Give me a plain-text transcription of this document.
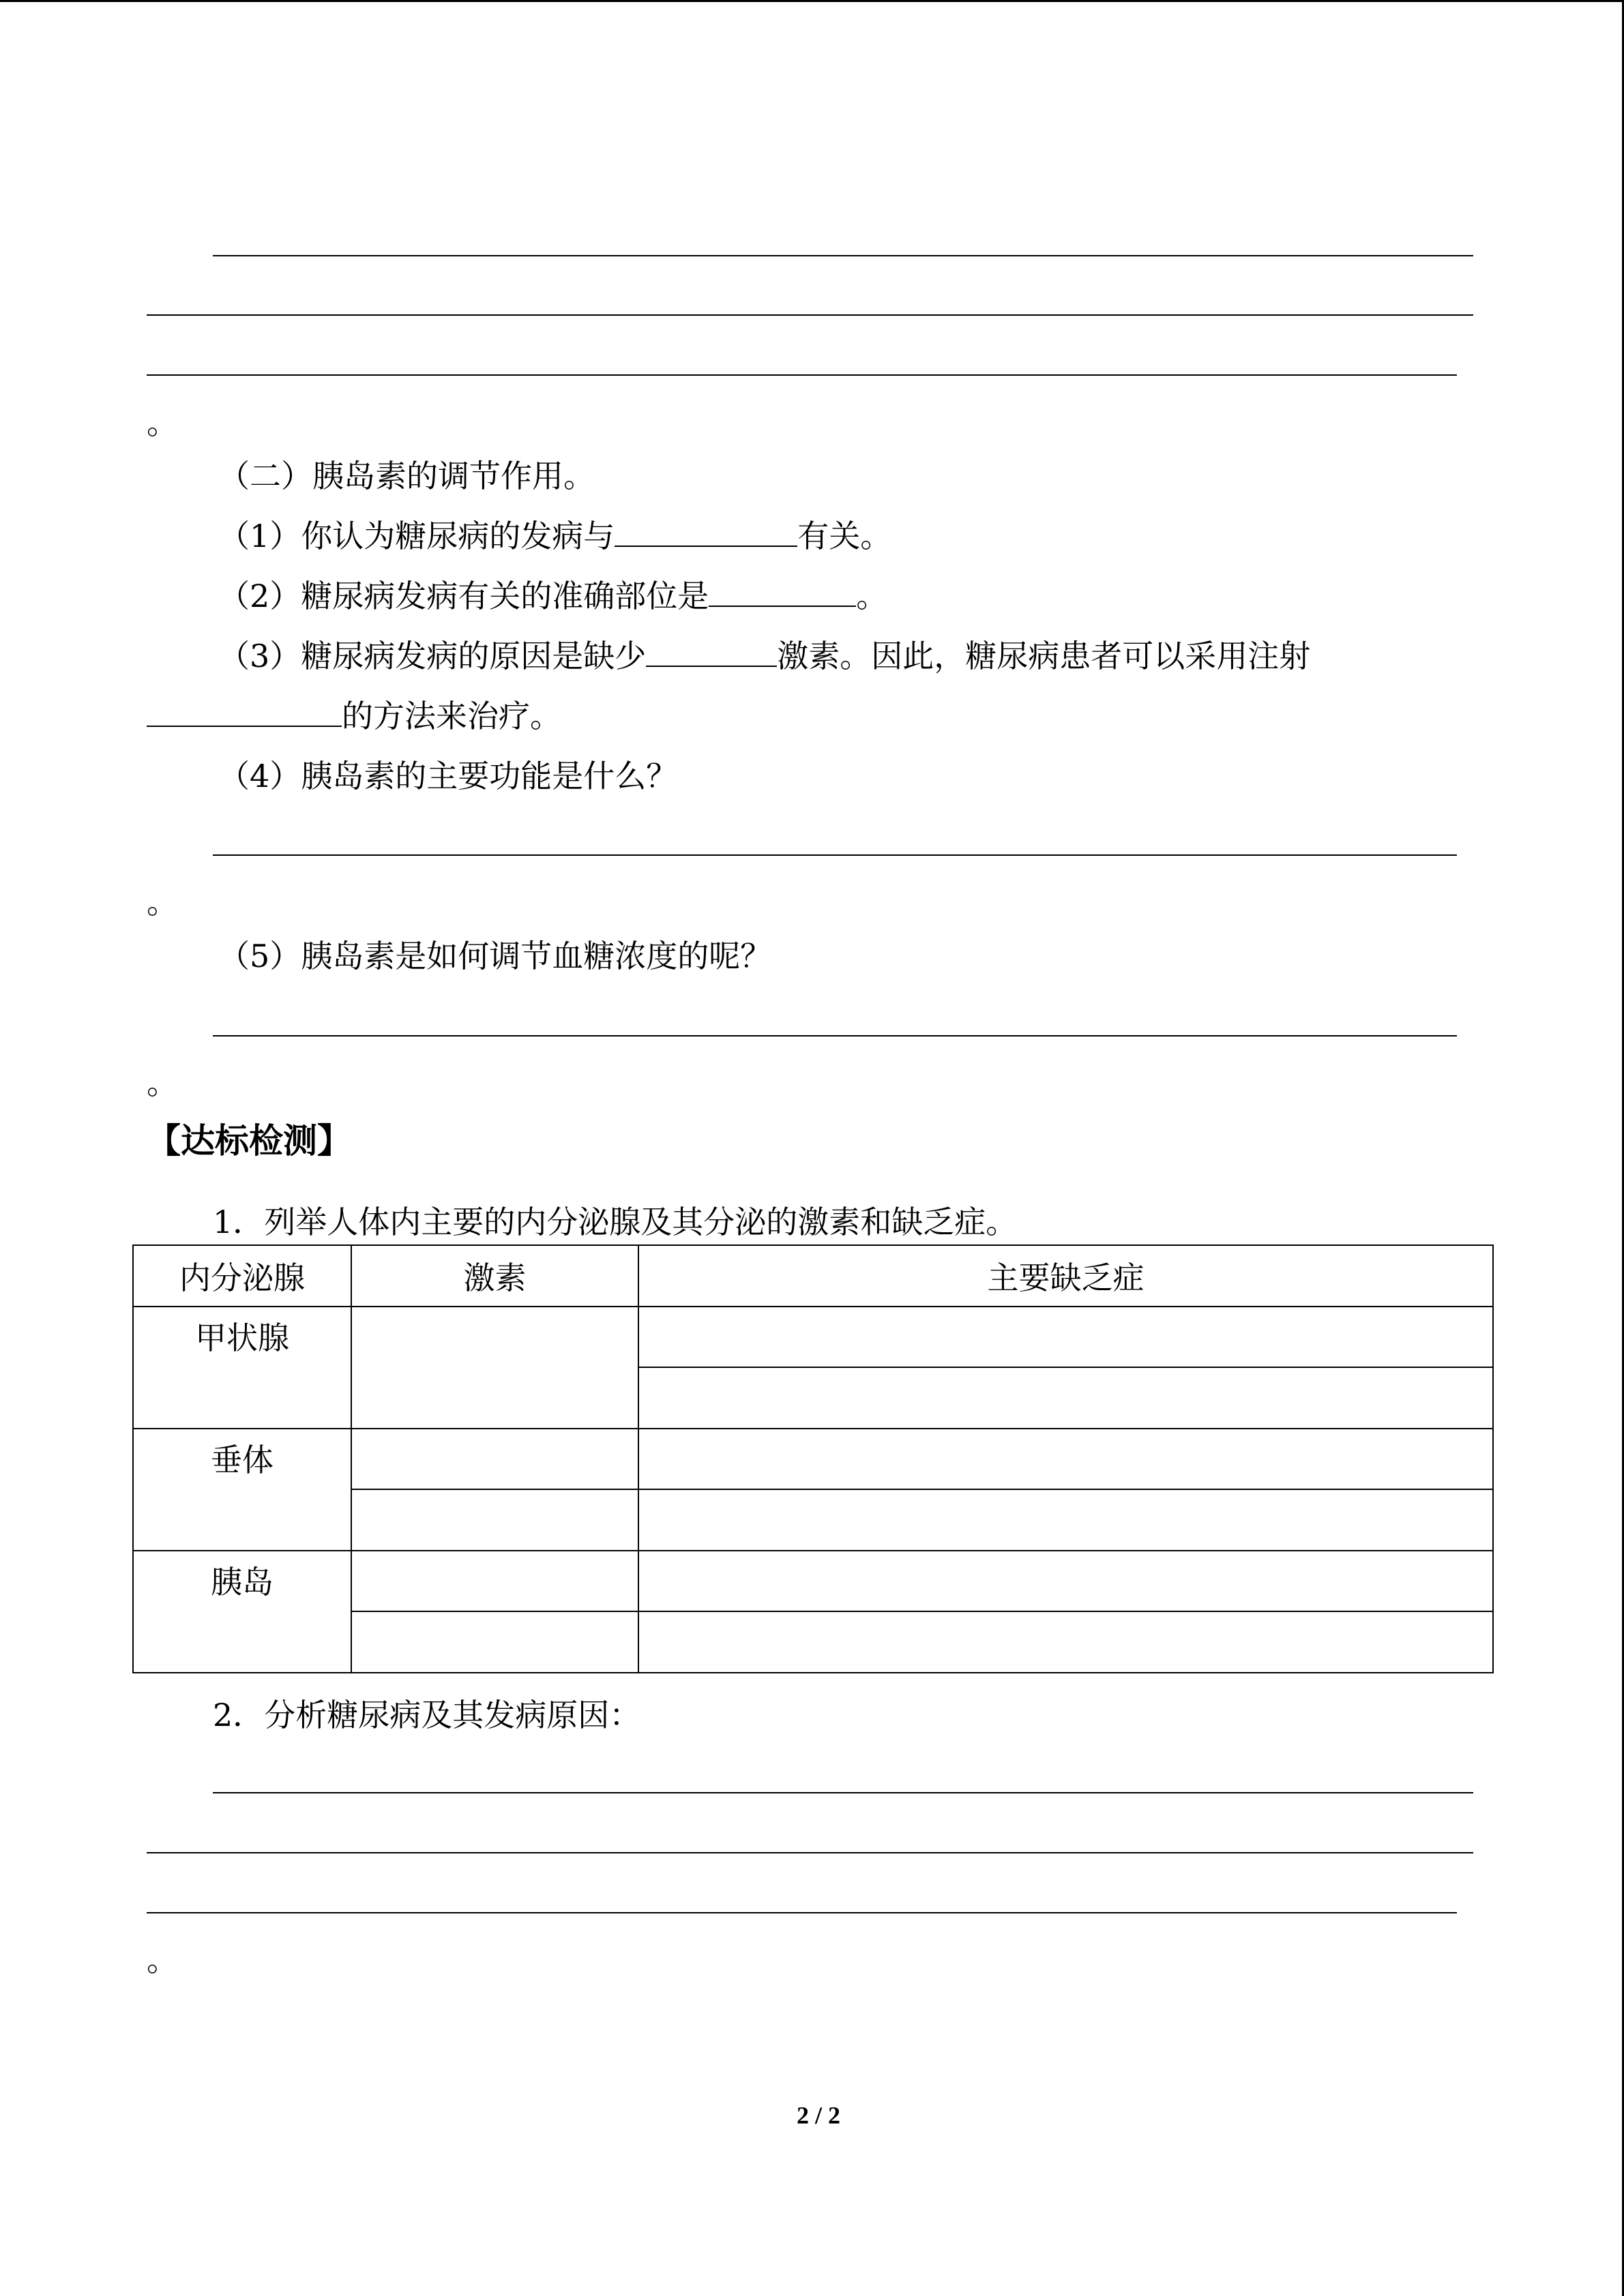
。
（二）胰岛素的调节作用。
（1）你认为糖尿病的发病与	有关。
（2）糖尿病发病有关的准确部位是	。
（3）糖尿病发病的原因是缺少	激素。因此，糖尿病患者可以采用注射
的方法来治疗。
（4）胰岛素的主要功能是什么？
。
（5）胰岛素是如何调节血糖浓度的呢？
。
【达标检测】
1．列举人体内主要的内分泌腺及其分泌的激素和缺乏症。
内分泌腺	激素	主要缺乏症

甲状腺		

垂体		

胰岛		

2．分析糖尿病及其发病原因：
。
2 / 2
